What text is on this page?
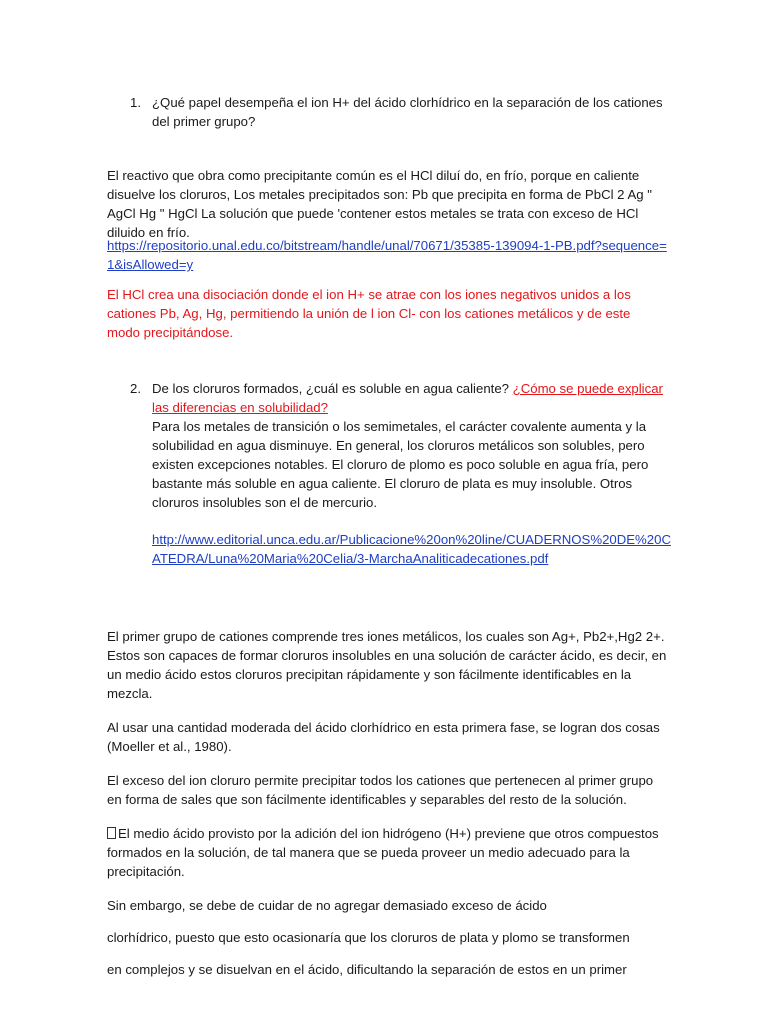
1. ¿Qué papel desempeña el ion H+ del ácido clorhídrico en la separación de los cationes del primer grupo?
El reactivo que obra como precipitante común es el HCl diluí do, en frío, porque en caliente disuelve los cloruros, Los metales precipitados son: Pb que precipita en forma de PbCl 2 Ag " AgCl Hg " HgCl La solución que puede 'contener estos metales se trata con exceso de HCl diluido en frío.
https://repositorio.unal.edu.co/bitstream/handle/unal/70671/35385-139094-1-PB.pdf?sequence=1&isAllowed=y
El HCl crea una disociación donde el ion H+ se atrae con los iones negativos unidos a los cationes Pb, Ag, Hg, permitiendo la unión de l ion Cl- con los cationes metálicos y de este modo precipitándose.
2. De los cloruros formados, ¿cuál es soluble en agua caliente? ¿Cómo se puede explicar las diferencias en solubilidad?
Para los metales de transición o los semimetales, el carácter covalente aumenta y la solubilidad en agua disminuye. En general, los cloruros metálicos son solubles, pero existen excepciones notables. El cloruro de plomo es poco soluble en agua fría, pero bastante más soluble en agua caliente. El cloruro de plata es muy insoluble. Otros cloruros insolubles son el de mercurio.
http://www.editorial.unca.edu.ar/Publicacione%20on%20line/CUADERNOS%20DE%20CATEDRA/Luna%20Maria%20Celia/3-MarchaAnaliticadecationes.pdf

El primer grupo de cationes comprende tres iones metálicos, los cuales son Ag+, Pb2+,Hg2 2+. Estos son capaces de formar cloruros insolubles en una solución de carácter ácido, es decir, en un medio ácido estos cloruros precipitan rápidamente y son fácilmente identificables en la mezcla.

Al usar una cantidad moderada del ácido clorhídrico en esta primera fase, se logran dos cosas (Moeller et al., 1980).

El exceso del ion cloruro permite precipitar todos los cationes que pertenecen al primer grupo en forma de sales que son fácilmente identificables y separables del resto de la solución.

El medio ácido provisto por la adición del ion hidrógeno (H+) previene que otros compuestos formados en la solución, de tal manera que se pueda proveer un medio adecuado para la precipitación.

Sin embargo, se debe de cuidar de no agregar demasiado exceso de ácido

clorhídrico, puesto que esto ocasionaría que los cloruros de plata y plomo se transformen

en complejos y se disuelvan en el ácido, dificultando la separación de estos en un primer
